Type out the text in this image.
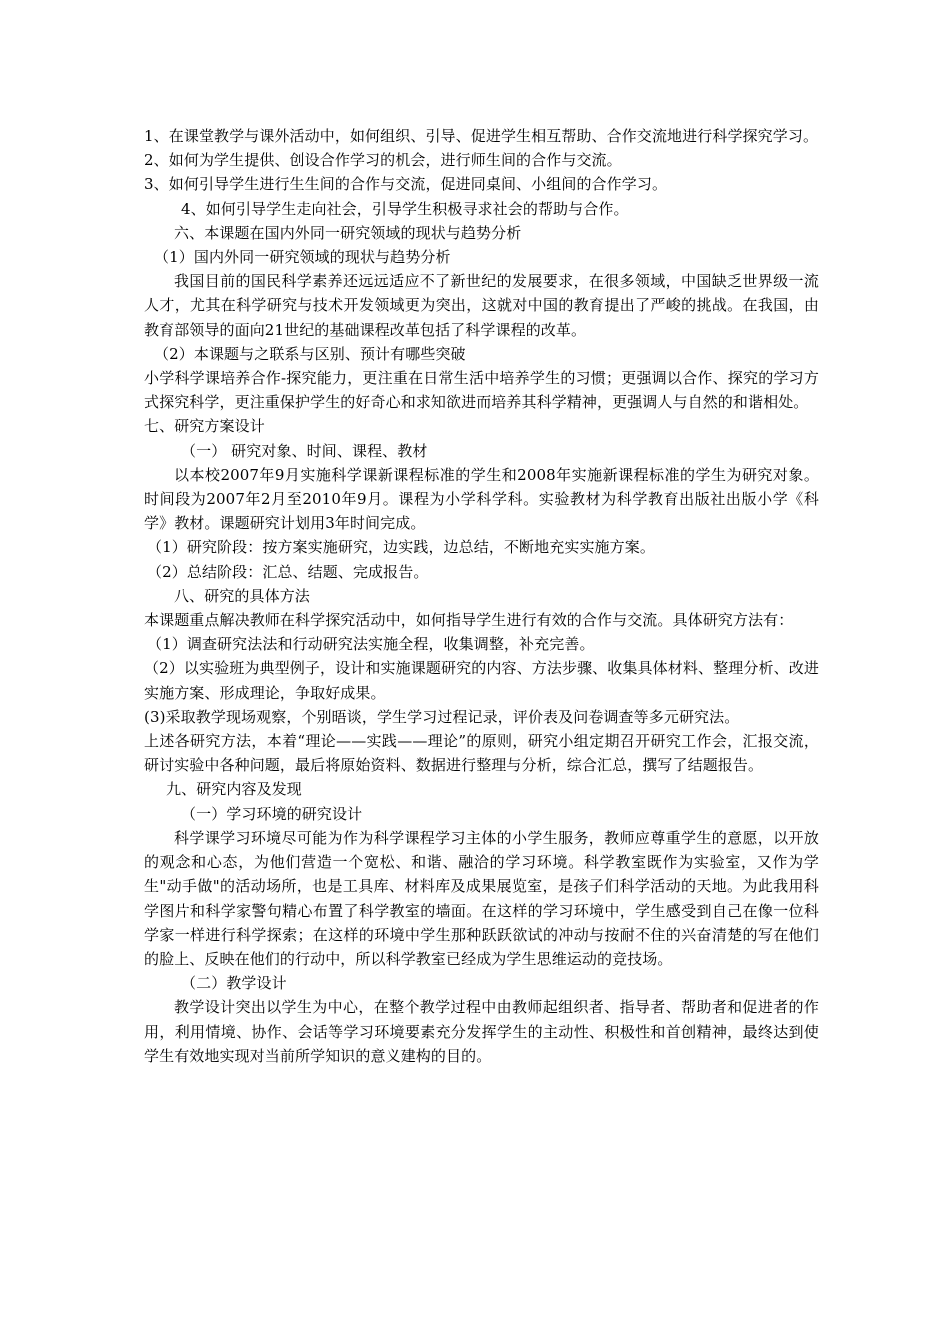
1、在课堂教学与课外活动中，如何组织、引导、促进学生相互帮助、合作交流地进行科学探究学习。

2、如何为学生提供、创设合作学习的机会，进行师生间的合作与交流。

3、如何引导学生进行生生间的合作与交流，促进同桌间、小组间的合作学习。

4、如何引导学生走向社会，引导学生积极寻求社会的帮助与合作。

六、本课题在国内外同一研究领域的现状与趋势分析

（1）国内外同一研究领域的现状与趋势分析

我国目前的国民科学素养还远远适应不了新世纪的发展要求，在很多领域，中国缺乏世界级一流人才，尤其在科学研究与技术开发领域更为突出，这就对中国的教育提出了严峻的挑战。在我国，由教育部领导的面向21世纪的基础课程改革包括了科学课程的改革。

（2）本课题与之联系与区别、预计有哪些突破

小学科学课培养合作-探究能力，更注重在日常生活中培养学生的习惯；更强调以合作、探究的学习方式探究科学，更注重保护学生的好奇心和求知欲进而培养其科学精神，更强调人与自然的和谐相处。

七、研究方案设计

（一） 研究对象、时间、课程、教材

以本校2007年9月实施科学课新课程标准的学生和2008年实施新课程标准的学生为研究对象。时间段为2007年2月至2010年9月。课程为小学科学科。实验教材为科学教育出版社出版小学《科学》教材。课题研究计划用3年时间完成。

（1）研究阶段：按方案实施研究，边实践，边总结，不断地充实实施方案。

（2）总结阶段：汇总、结题、完成报告。

八、研究的具体方法

本课题重点解决教师在科学探究活动中，如何指导学生进行有效的合作与交流。具体研究方法有：

（1）调查研究法法和行动研究法实施全程，收集调整，补充完善。

（2）以实验班为典型例子，设计和实施课题研究的内容、方法步骤、收集具体材料、整理分析、改进实施方案、形成理论，争取好成果。

(3)采取教学现场观察，个别晤谈，学生学习过程记录，评价表及问卷调查等多元研究法。

上述各研究方法，本着“理论——实践——理论”的原则，研究小组定期召开研究工作会，汇报交流，研讨实验中各种问题，最后将原始资料、数据进行整理与分析，综合汇总，撰写了结题报告。

九、研究内容及发现

（一）学习环境的研究设计

科学课学习环境尽可能为作为科学课程学习主体的小学生服务，教师应尊重学生的意愿，以开放的观念和心态，为他们营造一个宽松、和谐、融洽的学习环境。科学教室既作为实验室，又作为学生"动手做"的活动场所，也是工具库、材料库及成果展览室，是孩子们科学活动的天地。为此我用科学图片和科学家警句精心布置了科学教室的墙面。在这样的学习环境中，学生感受到自己在像一位科学家一样进行科学探索；在这样的环境中学生那种跃跃欲试的冲动与按耐不住的兴奋清楚的写在他们的脸上、反映在他们的行动中，所以科学教室已经成为学生思维运动的竞技场。

（二）教学设计

教学设计突出以学生为中心，在整个教学过程中由教师起组织者、指导者、帮助者和促进者的作用，利用情境、协作、会话等学习环境要素充分发挥学生的主动性、积极性和首创精神，最终达到使学生有效地实现对当前所学知识的意义建构的目的。
